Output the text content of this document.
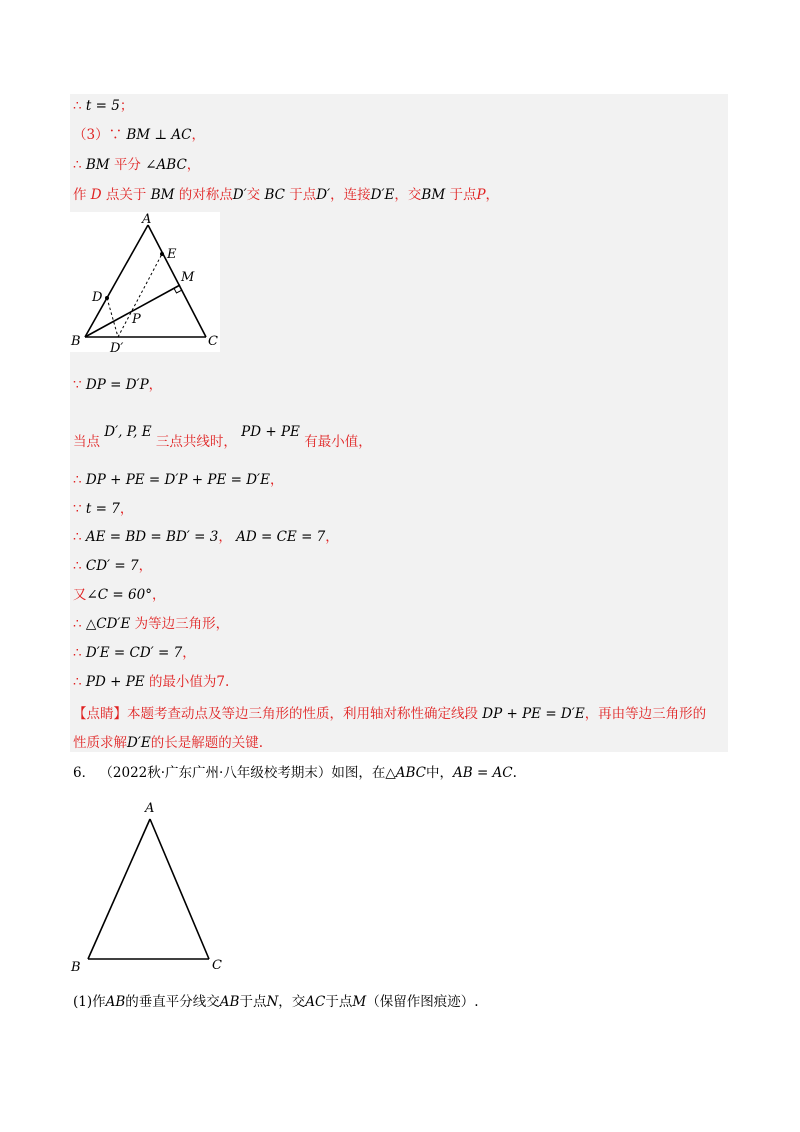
∴ t = 5；
（3）∵ BM ⊥ AC，
∴ BM 平分 ∠ABC，
作 D 点关于 BM 的对称点D′交 BC 于点D′，连接D′E，交BM 于点P，
A
B	C
D
E
M
P
D′
∵ DP = D′P，
当点 D′, P, E 三点共线时， PD + PE 有最小值，
∴ DP + PE = D′P + PE = D′E，
∵ t = 7，
∴ AE = BD = BD′ = 3， AD = CE = 7，
∴ CD′ = 7，
又∠C = 60°，
∴ △CD′E 为等边三角形，
∴ D′E = CD′ = 7，
∴ PD + PE 的最小值为7.
【点睛】本题考查动点及等边三角形的性质，利用轴对称性确定线段 DP + PE = D′E，再由等边三角形的
性质求解D′E的长是解题的关键.
6． （2022秋·广东广州·八年级校考期末）如图，在△ABC中，AB = AC.
A
B	C
(1)作AB的垂直平分线交AB于点N，交AC于点M（保留作图痕迹）.
